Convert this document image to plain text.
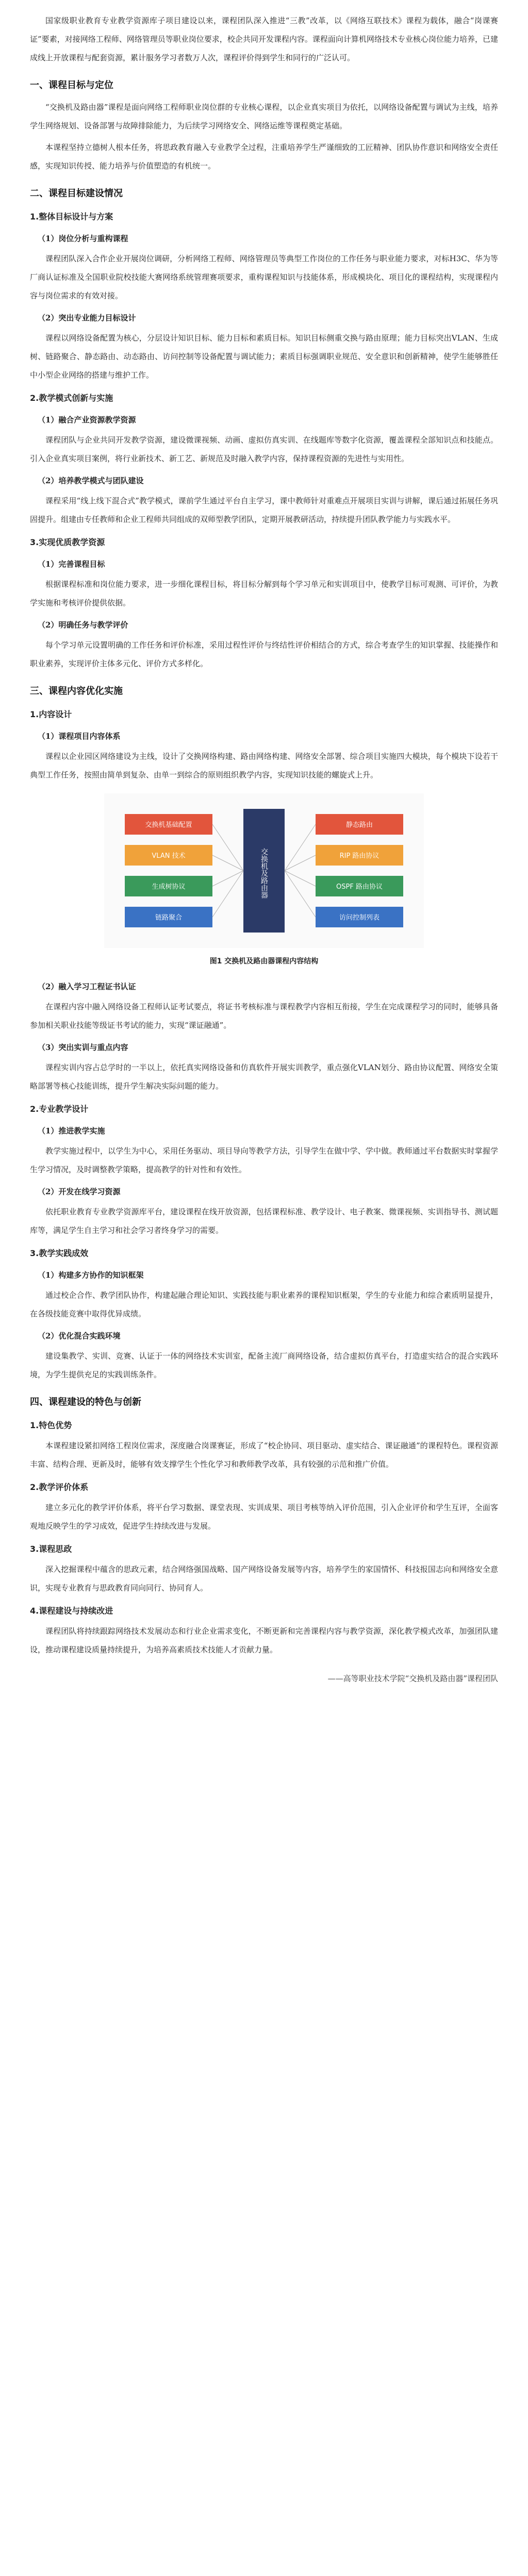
国家级职业教育专业教学资源库子项目建设以来，课程团队深入推进“三教”改革，以《网络互联技术》课程为载体，融合“岗课赛证”要素，对接网络工程师、网络管理员等职业岗位要求，校企共同开发课程内容。课程面向计算机网络技术专业核心岗位能力培养，已建成线上开放课程与配套资源，累计服务学习者数万人次，课程评价得到学生和同行的广泛认可。

一、课程目标与定位

“交换机及路由器”课程是面向网络工程师职业岗位群的专业核心课程，以企业真实项目为依托，以网络设备配置与调试为主线，培养学生网络规划、设备部署与故障排除能力，为后续学习网络安全、网络运维等课程奠定基础。

本课程坚持立德树人根本任务，将思政教育融入专业教学全过程，注重培养学生严谨细致的工匠精神、团队协作意识和网络安全责任感，实现知识传授、能力培养与价值塑造的有机统一。

二、课程目标建设情况
1.整体目标设计与方案
（1）岗位分析与重构课程

课程团队深入合作企业开展岗位调研，分析网络工程师、网络管理员等典型工作岗位的工作任务与职业能力要求，对标H3C、华为等厂商认证标准及全国职业院校技能大赛网络系统管理赛项要求，重构课程知识与技能体系，形成模块化、项目化的课程结构，实现课程内容与岗位需求的有效对接。

（2）突出专业能力目标设计

课程以网络设备配置为核心，分层设计知识目标、能力目标和素质目标。知识目标侧重交换与路由原理；能力目标突出VLAN、生成树、链路聚合、静态路由、动态路由、访问控制等设备配置与调试能力；素质目标强调职业规范、安全意识和创新精神，使学生能够胜任中小型企业网络的搭建与维护工作。

2.教学模式创新与实施
（1）融合产业资源教学资源

课程团队与企业共同开发教学资源，建设微课视频、动画、虚拟仿真实训、在线题库等数字化资源，覆盖课程全部知识点和技能点。引入企业真实项目案例，将行业新技术、新工艺、新规范及时融入教学内容，保持课程资源的先进性与实用性。

（2）培养教学模式与团队建设

课程采用“线上线下混合式”教学模式，课前学生通过平台自主学习，课中教师针对重难点开展项目实训与讲解，课后通过拓展任务巩固提升。组建由专任教师和企业工程师共同组成的双师型教学团队，定期开展教研活动，持续提升团队教学能力与实践水平。

3.实现优质教学资源
（1）完善课程目标

根据课程标准和岗位能力要求，进一步细化课程目标，将目标分解到每个学习单元和实训项目中，使教学目标可观测、可评价，为教学实施和考核评价提供依据。

（2）明确任务与教学评价

每个学习单元设置明确的工作任务和评价标准，采用过程性评价与终结性评价相结合的方式，综合考查学生的知识掌握、技能操作和职业素养，实现评价主体多元化、评价方式多样化。

三、课程内容优化实施
1.内容设计
（1）课程项目内容体系

课程以企业园区网络建设为主线，设计了交换网络构建、路由网络构建、网络安全部署、综合项目实施四大模块，每个模块下设若干典型工作任务，按照由简单到复杂、由单一到综合的原则组织教学内容，实现知识技能的螺旋式上升。

交换机及路由器
交换机基础配置
VLAN 技术
生成树协议
链路聚合
静态路由
RIP 路由协议
OSPF 路由协议
访问控制列表
图1 交换机及路由器课程内容结构
（2）融入学习工程证书认证

在课程内容中融入网络设备工程师认证考试要点，将证书考核标准与课程教学内容相互衔接，学生在完成课程学习的同时，能够具备参加相关职业技能等级证书考试的能力，实现“课证融通”。

（3）突出实训与重点内容

课程实训内容占总学时的一半以上，依托真实网络设备和仿真软件开展实训教学，重点强化VLAN划分、路由协议配置、网络安全策略部署等核心技能训练，提升学生解决实际问题的能力。

2.专业教学设计
（1）推进教学实施

教学实施过程中，以学生为中心，采用任务驱动、项目导向等教学方法，引导学生在做中学、学中做。教师通过平台数据实时掌握学生学习情况，及时调整教学策略，提高教学的针对性和有效性。

（2）开发在线学习资源

依托职业教育专业教学资源库平台，建设课程在线开放资源，包括课程标准、教学设计、电子教案、微课视频、实训指导书、测试题库等，满足学生自主学习和社会学习者终身学习的需要。

3.教学实践成效
（1）构建多方协作的知识框架

通过校企合作、教学团队协作，构建起融合理论知识、实践技能与职业素养的课程知识框架，学生的专业能力和综合素质明显提升，在各级技能竞赛中取得优异成绩。

（2）优化混合实践环境

建设集教学、实训、竞赛、认证于一体的网络技术实训室，配备主流厂商网络设备，结合虚拟仿真平台，打造虚实结合的混合实践环境，为学生提供充足的实践训练条件。

四、课程建设的特色与创新
1.特色优势

本课程建设紧扣网络工程岗位需求，深度融合岗课赛证，形成了“校企协同、项目驱动、虚实结合、课证融通”的课程特色。课程资源丰富、结构合理、更新及时，能够有效支撑学生个性化学习和教师教学改革，具有较强的示范和推广价值。

2.教学评价体系

建立多元化的教学评价体系，将平台学习数据、课堂表现、实训成果、项目考核等纳入评价范围，引入企业评价和学生互评，全面客观地反映学生的学习成效，促进学生持续改进与发展。

3.课程思政

深入挖掘课程中蕴含的思政元素，结合网络强国战略、国产网络设备发展等内容，培养学生的家国情怀、科技报国志向和网络安全意识，实现专业教育与思政教育同向同行、协同育人。

4.课程建设与持续改进

课程团队将持续跟踪网络技术发展动态和行业企业需求变化，不断更新和完善课程内容与教学资源，深化教学模式改革，加强团队建设，推动课程建设质量持续提升，为培养高素质技术技能人才贡献力量。

——高等职业技术学院“交换机及路由器”课程团队
